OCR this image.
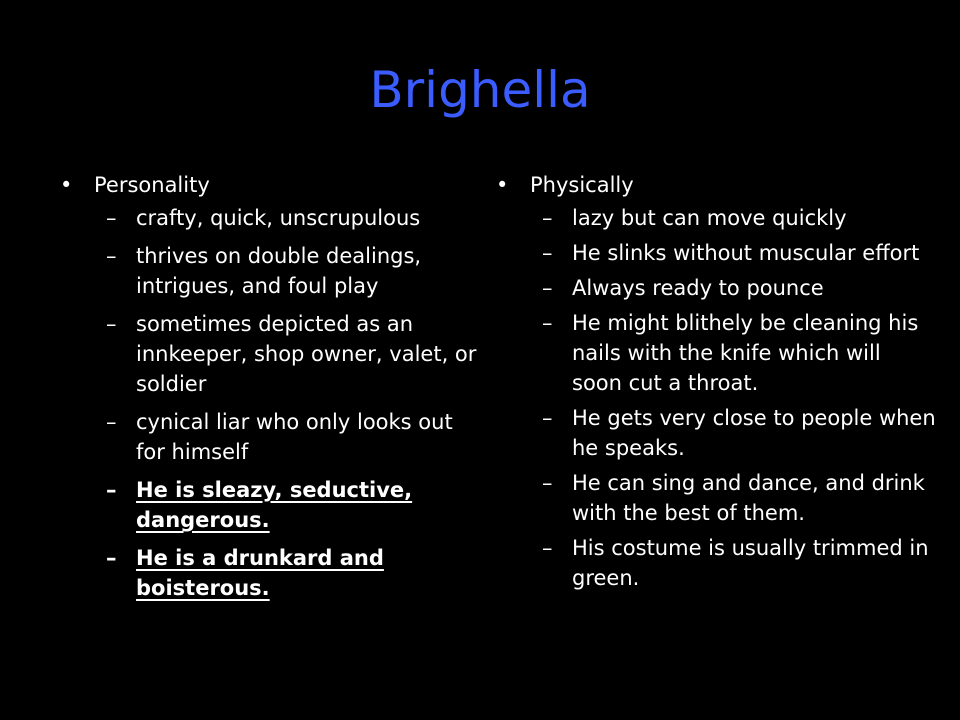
Brighella
•	Personality
– crafty, quick, unscrupulous
– thrives on double dealings, intrigues, and foul play
– sometimes depicted as an innkeeper, shop owner, valet, or soldier
– cynical liar who only looks out for himself
– He is sleazy, seductive, dangerous.
– He is a drunkard and boisterous.
•	Physically
– lazy but can move quickly
– He slinks without muscular effort
– Always ready to pounce
– He might blithely be cleaning his nails with the knife which will soon cut a throat.
– He gets very close to people when he speaks.
– He can sing and dance, and drink with the best of them.
– His costume is usually trimmed in green.
